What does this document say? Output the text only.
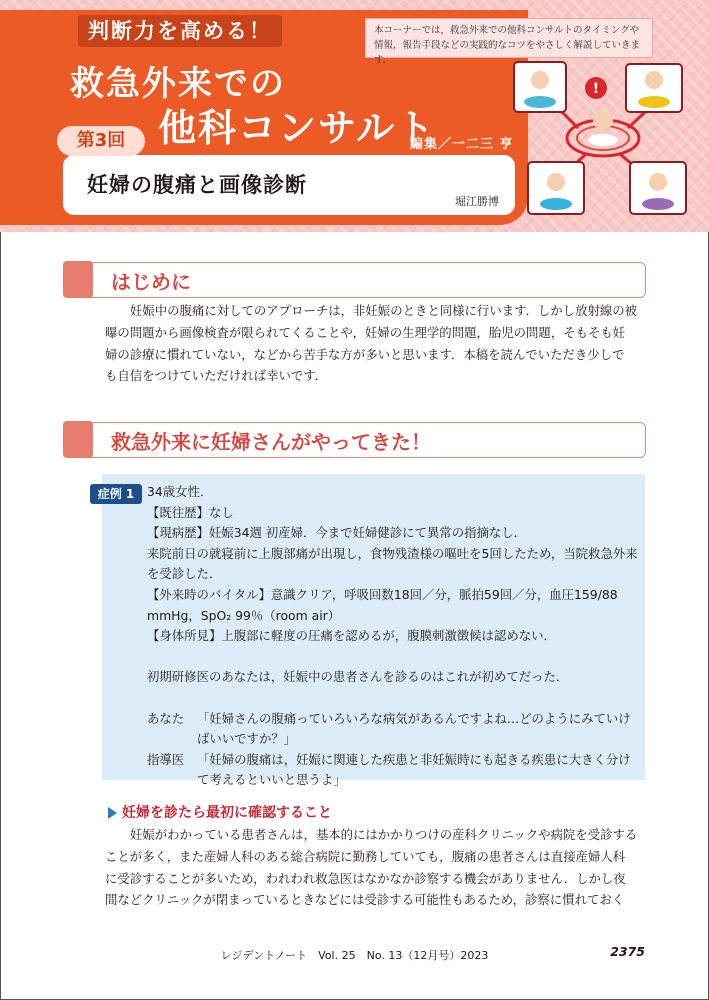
判断力を高める！
救急外来での
他科コンサルト
本コーナーでは，救急外来での他科コンサルトのタイミングや情報，報告手段などの実践的なコツをやさしく解説していきます．
編集／一二三 亨
妊婦の腹痛と画像診断
堀江勝博
第3回
!
はじめに
妊娠中の腹痛に対してのアプローチは，非妊娠のときと同様に行います．しかし放射線の被
曝の問題から画像検査が限られてくることや，妊婦の生理学的問題，胎児の問題，そもそも妊
婦の診療に慣れていない，などから苦手な方が多いと思います．本稿を読んでいただき少しで
も自信をつけていただければ幸いです．
救急外来に妊婦さんがやってきた！
症例 1	34歳女性．
【既往歴】なし
【現病歴】妊娠34週 初産婦．今まで妊婦健診にて異常の指摘なし．
来院前日の就寝前に上腹部痛が出現し，食物残渣様の嘔吐を5回したため，当院救急外来
を受診した．
【外来時のバイタル】意識クリア，呼吸回数18回／分，脈拍59回／分，血圧159/88
mmHg，SpO₂ 99％（room air）
【身体所見】上腹部に軽度の圧痛を認めるが，腹膜刺激徴候は認めない．
初期研修医のあなたは，妊娠中の患者さんを診るのはこれが初めてだった．
あなた	「妊婦さんの腹痛っていろいろな病気があるんですよね…どのようにみていけばいいですか？」
指導医	「妊婦の腹痛は，妊娠に関連した疾患と非妊娠時にも起きる疾患に大きく分けて考えるといいと思うよ」
妊婦を診たら最初に確認すること
妊娠がわかっている患者さんは，基本的にはかかりつけの産科クリニックや病院を受診する
ことが多く，また産婦人科のある総合病院に勤務していても，腹痛の患者さんは直接産婦人科
に受診することが多いため，われわれ救急医はなかなか診察する機会がありません．しかし夜
間などクリニックが閉まっているときなどには受診する可能性もあるため，診察に慣れておく
レジデントノート　Vol. 25　No. 13（12月号）2023	2375
